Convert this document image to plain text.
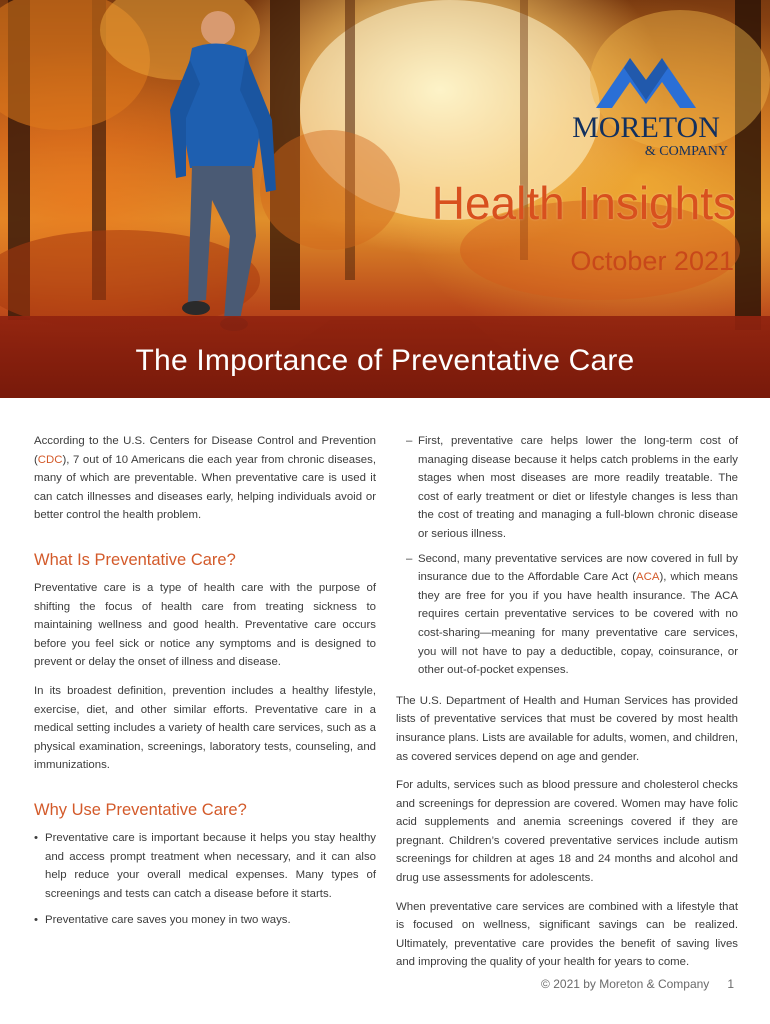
MORETON
& COMPANY
Health Insights
October 2021
The Importance of Preventative Care

According to the U.S. Centers for Disease Control and Prevention (CDC), 7 out of 10 Americans die each year from chronic diseases, many of which are preventable. When preventative care is used it can catch illnesses and diseases early, helping individuals avoid or better control the health problem.

What Is Preventative Care?

Preventative care is a type of health care with the purpose of shifting the focus of health care from treating sickness to maintaining wellness and good health. Preventative care occurs before you feel sick or notice any symptoms and is designed to prevent or delay the onset of illness and disease.

In its broadest definition, prevention includes a healthy lifestyle, exercise, diet, and other similar efforts. Preventative care in a medical setting includes a variety of health care services, such as a physical examination, screenings, laboratory tests, counseling, and immunizations.

Why Use Preventative Care?
• Preventative care is important because it helps you stay healthy and access prompt treatment when necessary, and it can also help reduce your overall medical expenses. Many types of screenings and tests can catch a disease before it starts.
• Preventative care saves you money in two ways.
– First, preventative care helps lower the long-term cost of managing disease because it helps catch problems in the early stages when most diseases are more readily treatable. The cost of early treatment or diet or lifestyle changes is less than the cost of treating and managing a full-blown chronic disease or serious illness.
– Second, many preventative services are now covered in full by insurance due to the Affordable Care Act (ACA), which means they are free for you if you have health insurance. The ACA requires certain preventative services to be covered with no cost-sharing—meaning for many preventative care services, you will not have to pay a deductible, copay, coinsurance, or other out-of-pocket expenses.

The U.S. Department of Health and Human Services has provided lists of preventative services that must be covered by most health insurance plans. Lists are available for adults, women, and children, as covered services depend on age and gender.

For adults, services such as blood pressure and cholesterol checks and screenings for depression are covered. Women may have folic acid supplements and anemia screenings covered if they are pregnant. Children’s covered preventative services include autism screenings for children at ages 18 and 24 months and alcohol and drug use assessments for adolescents.

When preventative care services are combined with a lifestyle that is focused on wellness, significant savings can be realized. Ultimately, preventative care provides the benefit of saving lives and improving the quality of your health for years to come.

© 2021 by Moreton & Company 1
